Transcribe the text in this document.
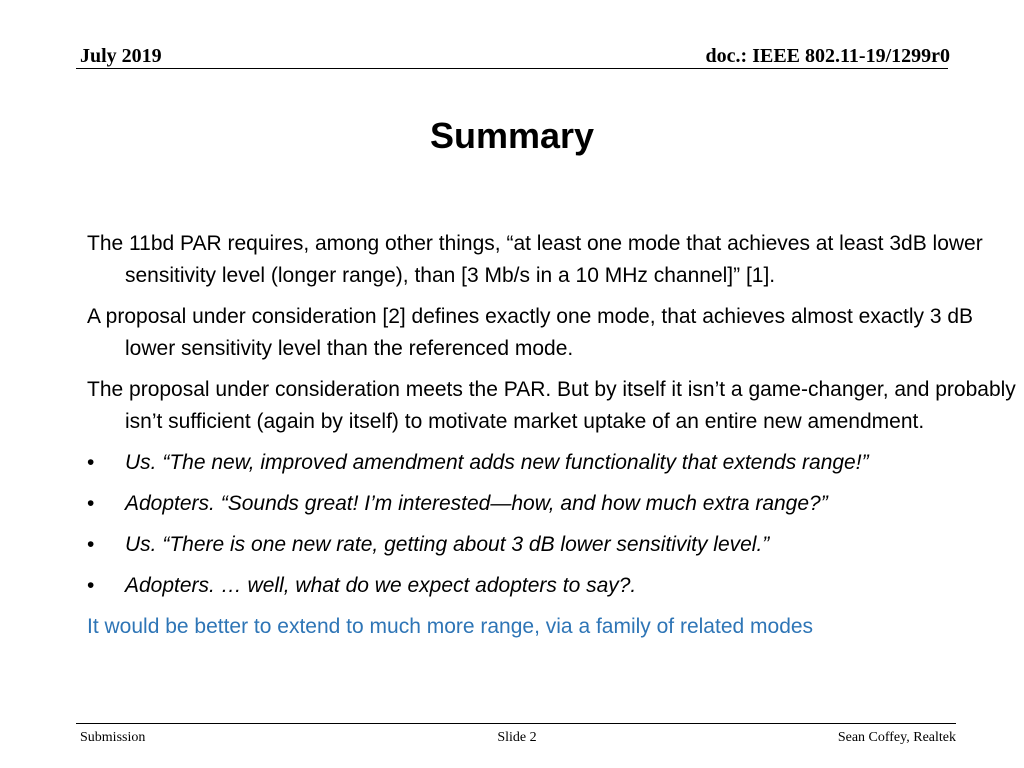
July 2019	doc.: IEEE 802.11-19/1299r0
Summary

The 11bd PAR requires, among other things, “at least one mode that achieves at least 3dB lower sensitivity level (longer range), than [3 Mb/s in a 10 MHz channel]” [1].

A proposal under consideration [2] defines exactly one mode, that achieves almost exactly 3 dB lower sensitivity level than the referenced mode.

The proposal under consideration meets the PAR. But by itself it isn’t a game-changer, and probably isn’t sufficient (again by itself) to motivate market uptake of an entire new amendment.

• Us. “The new, improved amendment adds new functionality that extends range!”
• Adopters. “Sounds great! I’m interested—how, and how much extra range?”
• Us. “There is one new rate, getting about 3 dB lower sensitivity level.”
• Adopters. … well, what do we expect adopters to say?.

It would be better to extend to much more range, via a family of related modes

Submission	Slide 2	Sean Coffey, Realtek
